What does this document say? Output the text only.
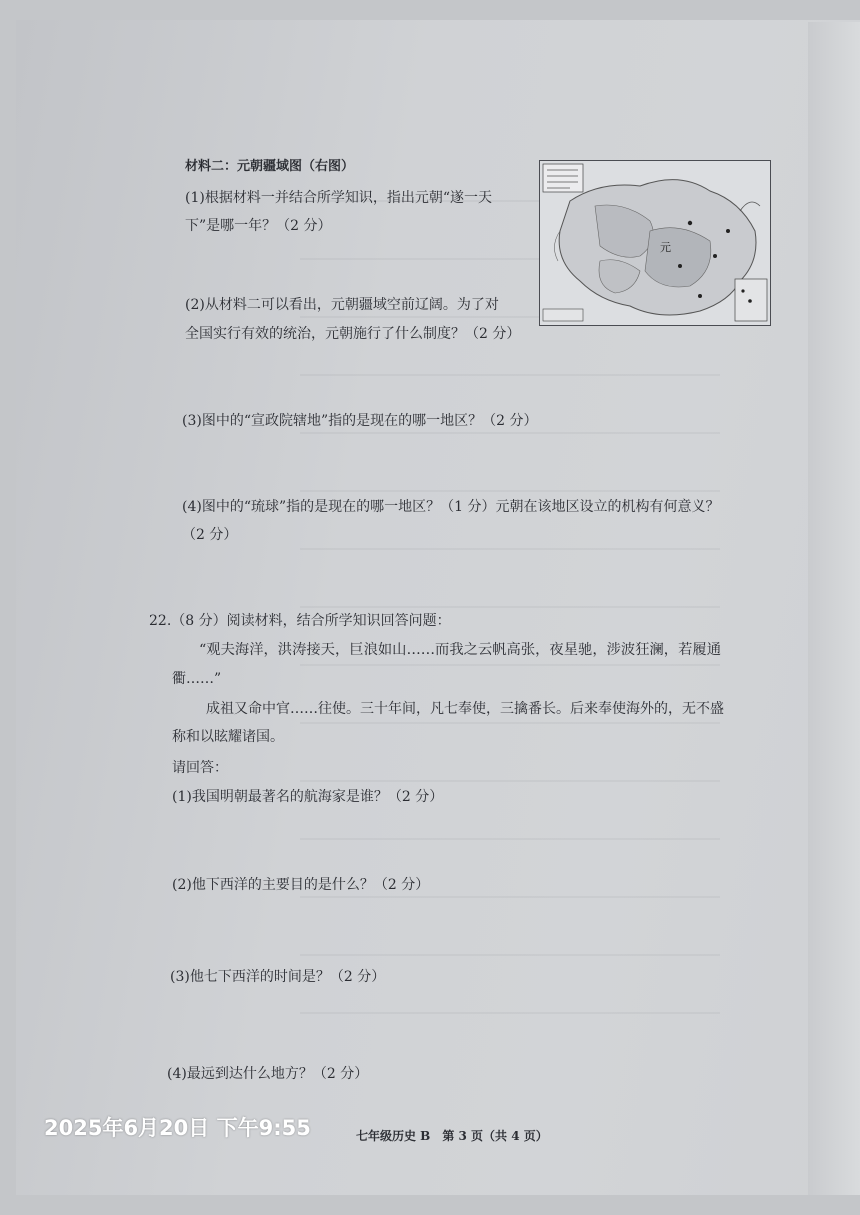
材料二：元朝疆域图（右图）
(1)根据材料一并结合所学知识，指出元朝“遂一天
下”是哪一年？（2 分）
(2)从材料二可以看出，元朝疆域空前辽阔。为了对
全国实行有效的统治，元朝施行了什么制度？（2 分）
(3)图中的“宣政院辖地”指的是现在的哪一地区？（2 分）
(4)图中的“琉球”指的是现在的哪一地区？（1 分）元朝在该地区设立的机构有何意义？
（2 分）
元
22.（8 分）阅读材料，结合所学知识回答问题：
“观夫海洋，洪涛接天，巨浪如山……而我之云帆高张，夜星驰，涉波狂澜，若履通
衢……”
成祖又命中官……往使。三十年间，凡七奉使，三擒番长。后来奉使海外的，无不盛
称和以眩耀诸国。
请回答：
(1)我国明朝最著名的航海家是谁？（2 分）
(2)他下西洋的主要目的是什么？（2 分）
(3)他七下西洋的时间是？（2 分）
(4)最远到达什么地方？（2 分）
七年级历史 B　第 3 页（共 4 页）
2025年6月20日 下午9:55
